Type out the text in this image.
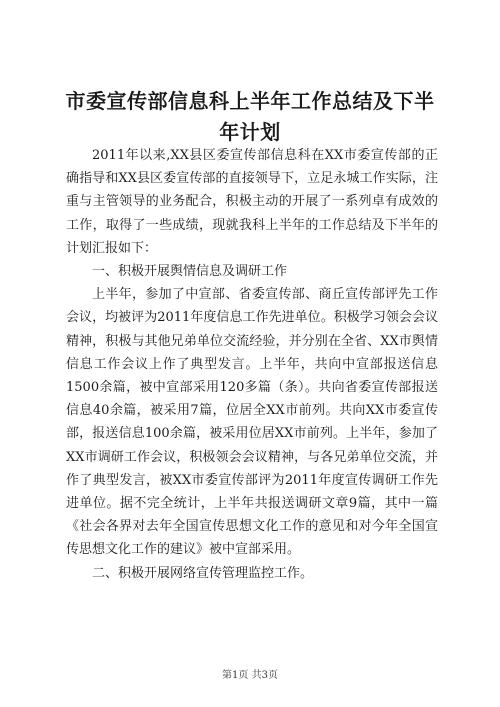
市委宣传部信息科上半年工作总结及下半年计划

2011年以来,XX县区委宣传部信息科在XX市委宣传部的正确指导和XX县区委宣传部的直接领导下，立足永城工作实际，注重与主管领导的业务配合，积极主动的开展了一系列卓有成效的工作，取得了一些成绩，现就我科上半年的工作总结及下半年的计划汇报如下：

一、积极开展舆情信息及调研工作

上半年，参加了中宣部、省委宣传部、商丘宣传部评先工作会议，均被评为2011年度信息工作先进单位。积极学习领会会议精神，积极与其他兄弟单位交流经验，并分别在全省、XX市舆情信息工作会议上作了典型发言。上半年，共向中宣部报送信息1500余篇，被中宣部采用120多篇（条）。共向省委宣传部报送信息40余篇，被采用7篇，位居全XX市前列。共向XX市委宣传部，报送信息100余篇，被采用位居XX市前列。上半年，参加了XX市调研工作会议，积极领会会议精神，与各兄弟单位交流，并作了典型发言，被XX市委宣传部评为2011年度宣传调研工作先进单位。据不完全统计，上半年共报送调研文章9篇，其中一篇《社会各界对去年全国宣传思想文化工作的意见和对今年全国宣传思想文化工作的建议》被中宣部采用。

二、积极开展网络宣传管理监控工作。

第1页 共3页
